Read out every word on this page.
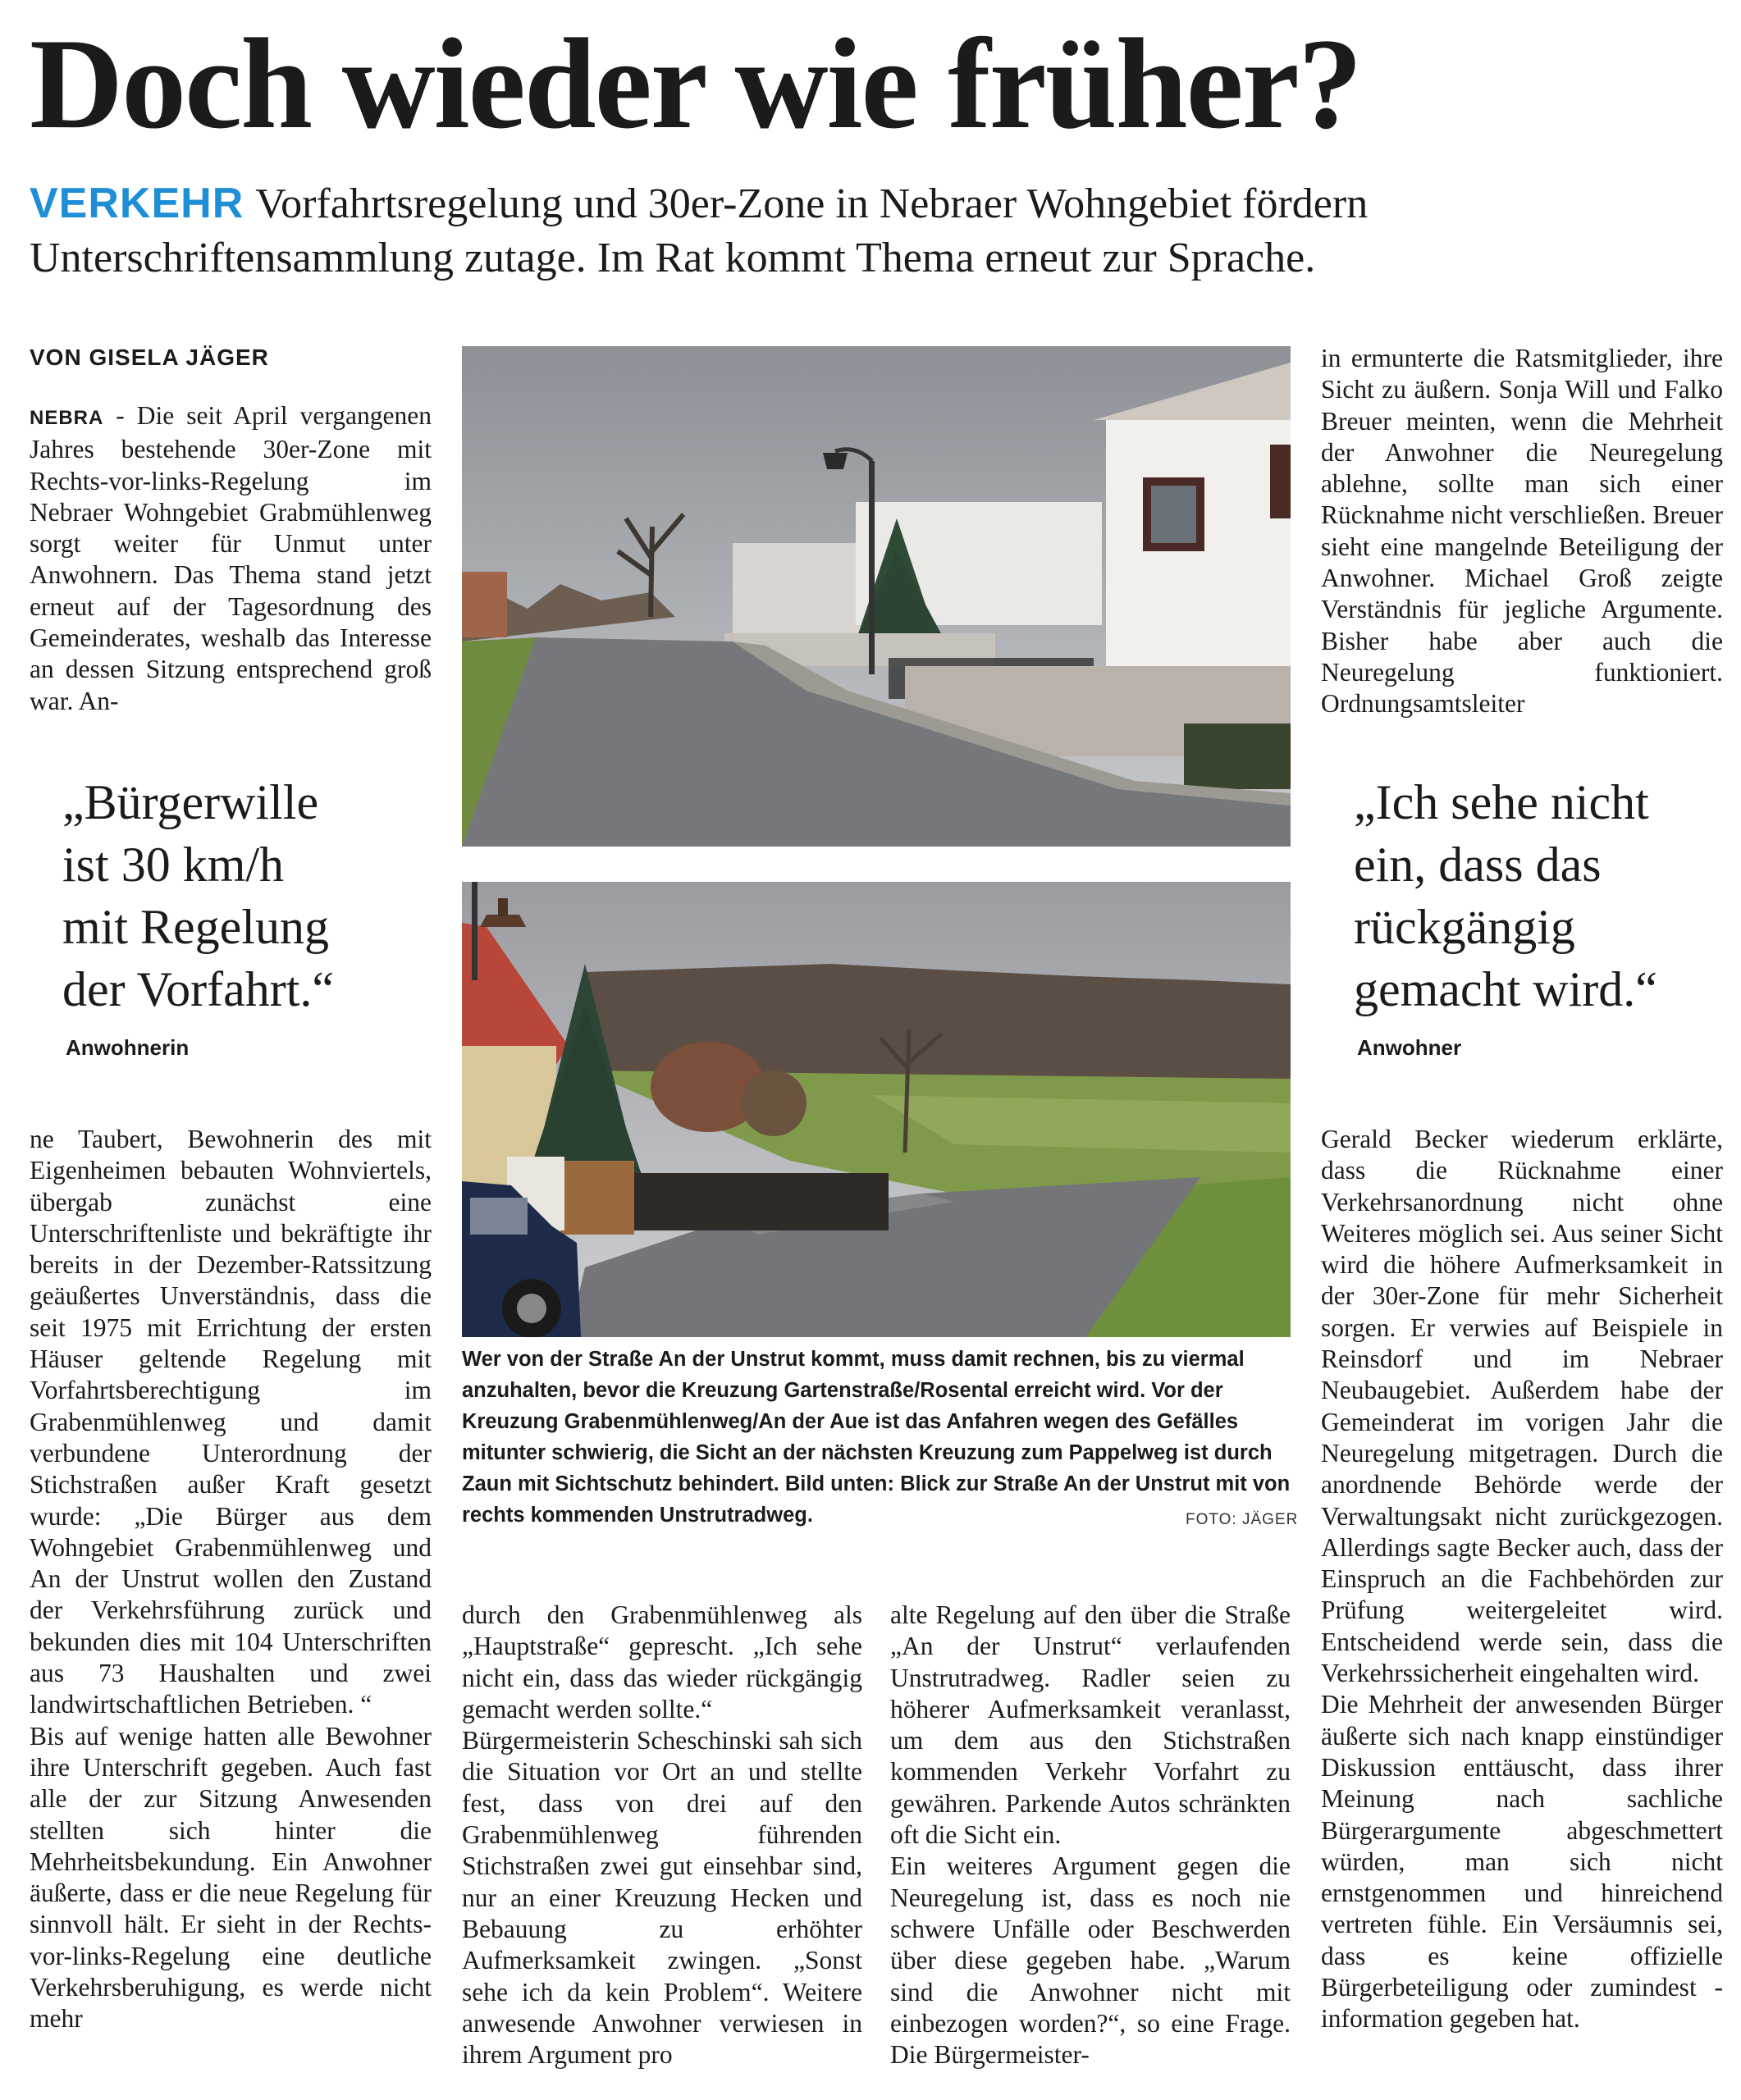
Doch wieder wie früher?
VERKEHR Vorfahrtsregelung und 30er-Zone in Nebraer Wohngebiet fördern Unterschriftensammlung zutage. Im Rat kommt Thema erneut zur Sprache.
VON GISELA JÄGER
NEBRA - Die seit April vergangenen Jahres bestehende 30er-Zone mit Rechts-vor-links-Regelung im Nebraer Wohngebiet Grabmühlenweg sorgt weiter für Unmut unter Anwohnern. Das Thema stand jetzt erneut auf der Tagesordnung des Gemeinderates, weshalb das Interesse an dessen Sitzung entsprechend groß war. An-
„Bürgerwille
ist 30 km/h
mit Regelung
der Vorfahrt.“
Anwohnerin
ne Taubert, Bewohnerin des mit Eigenheimen bebauten Wohnviertels, übergab zunächst eine Unterschriftenliste und bekräftigte ihr bereits in der Dezember-Ratssitzung geäußertes Unverständnis, dass die seit 1975 mit Errichtung der ersten Häuser geltende Regelung mit Vorfahrtsberechtigung im Grabenmühlenweg und damit verbundene Unterordnung der Stichstraßen außer Kraft gesetzt wurde: „Die Bürger aus dem Wohngebiet Grabenmühlenweg und An der Unstrut wollen den Zustand der Verkehrsführung zurück und bekunden dies mit 104 Unterschriften aus 73 Haushalten und zwei landwirtschaftlichen Betrieben. “
Bis auf wenige hatten alle Bewohner ihre Unterschrift gegeben. Auch fast alle der zur Sitzung Anwesenden stellten sich hinter die Mehrheitsbekundung. Ein Anwohner äußerte, dass er die neue Regelung für sinnvoll hält. Er sieht in der Rechts-vor-links-Regelung eine deutliche Verkehrsberuhigung, es werde nicht mehr
Wer von der Straße An der Unstrut kommt, muss damit rechnen, bis zu viermal anzuhalten, bevor die Kreuzung Gartenstraße/Rosental erreicht wird. Vor der Kreuzung Grabenmühlenweg/An der Aue ist das Anfahren wegen des Gefälles mitunter schwierig, die Sicht an der nächsten Kreuzung zum Pappelweg ist durch Zaun mit Sichtschutz behindert. Bild unten: Blick zur Straße An der Unstrut mit von rechts kommenden Unstrutradweg.	FOTO: JÄGER
durch den Grabenmühlenweg als „Hauptstraße“ geprescht. „Ich sehe nicht ein, dass das wieder rückgängig gemacht werden sollte.“
Bürgermeisterin Scheschinski sah sich die Situation vor Ort an und stellte fest, dass von drei auf den Grabenmühlenweg führenden Stichstraßen zwei gut einsehbar sind, nur an einer Kreuzung Hecken und Bebauung zu erhöhter Aufmerksamkeit zwingen. „Sonst sehe ich da kein Problem“. Weitere anwesende Anwohner verwiesen in ihrem Argument pro
alte Regelung auf den über die Straße „An der Unstrut“ verlaufenden Unstrutradweg. Radler seien zu höherer Aufmerksamkeit veranlasst, um dem aus den Stichstraßen kommenden Verkehr Vorfahrt zu gewähren. Parkende Autos schränkten oft die Sicht ein.
Ein weiteres Argument gegen die Neuregelung ist, dass es noch nie schwere Unfälle oder Beschwerden über diese gegeben habe. „Warum sind die Anwohner nicht mit einbezogen worden?“, so eine Frage. Die Bürgermeister-
in ermunterte die Ratsmitglieder, ihre Sicht zu äußern. Sonja Will und Falko Breuer meinten, wenn die Mehrheit der Anwohner die Neuregelung ablehne, sollte man sich einer Rücknahme nicht verschließen. Breuer sieht eine mangelnde Beteiligung der Anwohner. Michael Groß zeigte Verständnis für jegliche Argumente. Bisher habe aber auch die Neuregelung funktioniert. Ordnungsamtsleiter
„Ich sehe nicht
ein, dass das
rückgängig
gemacht wird.“
Anwohner
Gerald Becker wiederum erklärte, dass die Rücknahme einer Verkehrsanordnung nicht ohne Weiteres möglich sei. Aus seiner Sicht wird die höhere Aufmerksamkeit in der 30er-Zone für mehr Sicherheit sorgen. Er verwies auf Beispiele in Reinsdorf und im Nebraer Neubaugebiet. Außerdem habe der Gemeinderat im vorigen Jahr die Neuregelung mitgetragen. Durch die anordnende Behörde werde der Verwaltungsakt nicht zurückgezogen. Allerdings sagte Becker auch, dass der Einspruch an die Fachbehörden zur Prüfung weitergeleitet wird. Entscheidend werde sein, dass die Verkehrssicherheit eingehalten wird.
Die Mehrheit der anwesenden Bürger äußerte sich nach knapp einstündiger Diskussion enttäuscht, dass ihrer Meinung nach sachliche Bürgerargumente abgeschmettert würden, man sich nicht ernstgenommen und hinreichend vertreten fühle. Ein Versäumnis sei, dass es keine offizielle Bürgerbeteiligung oder zumindest -information gegeben hat.
